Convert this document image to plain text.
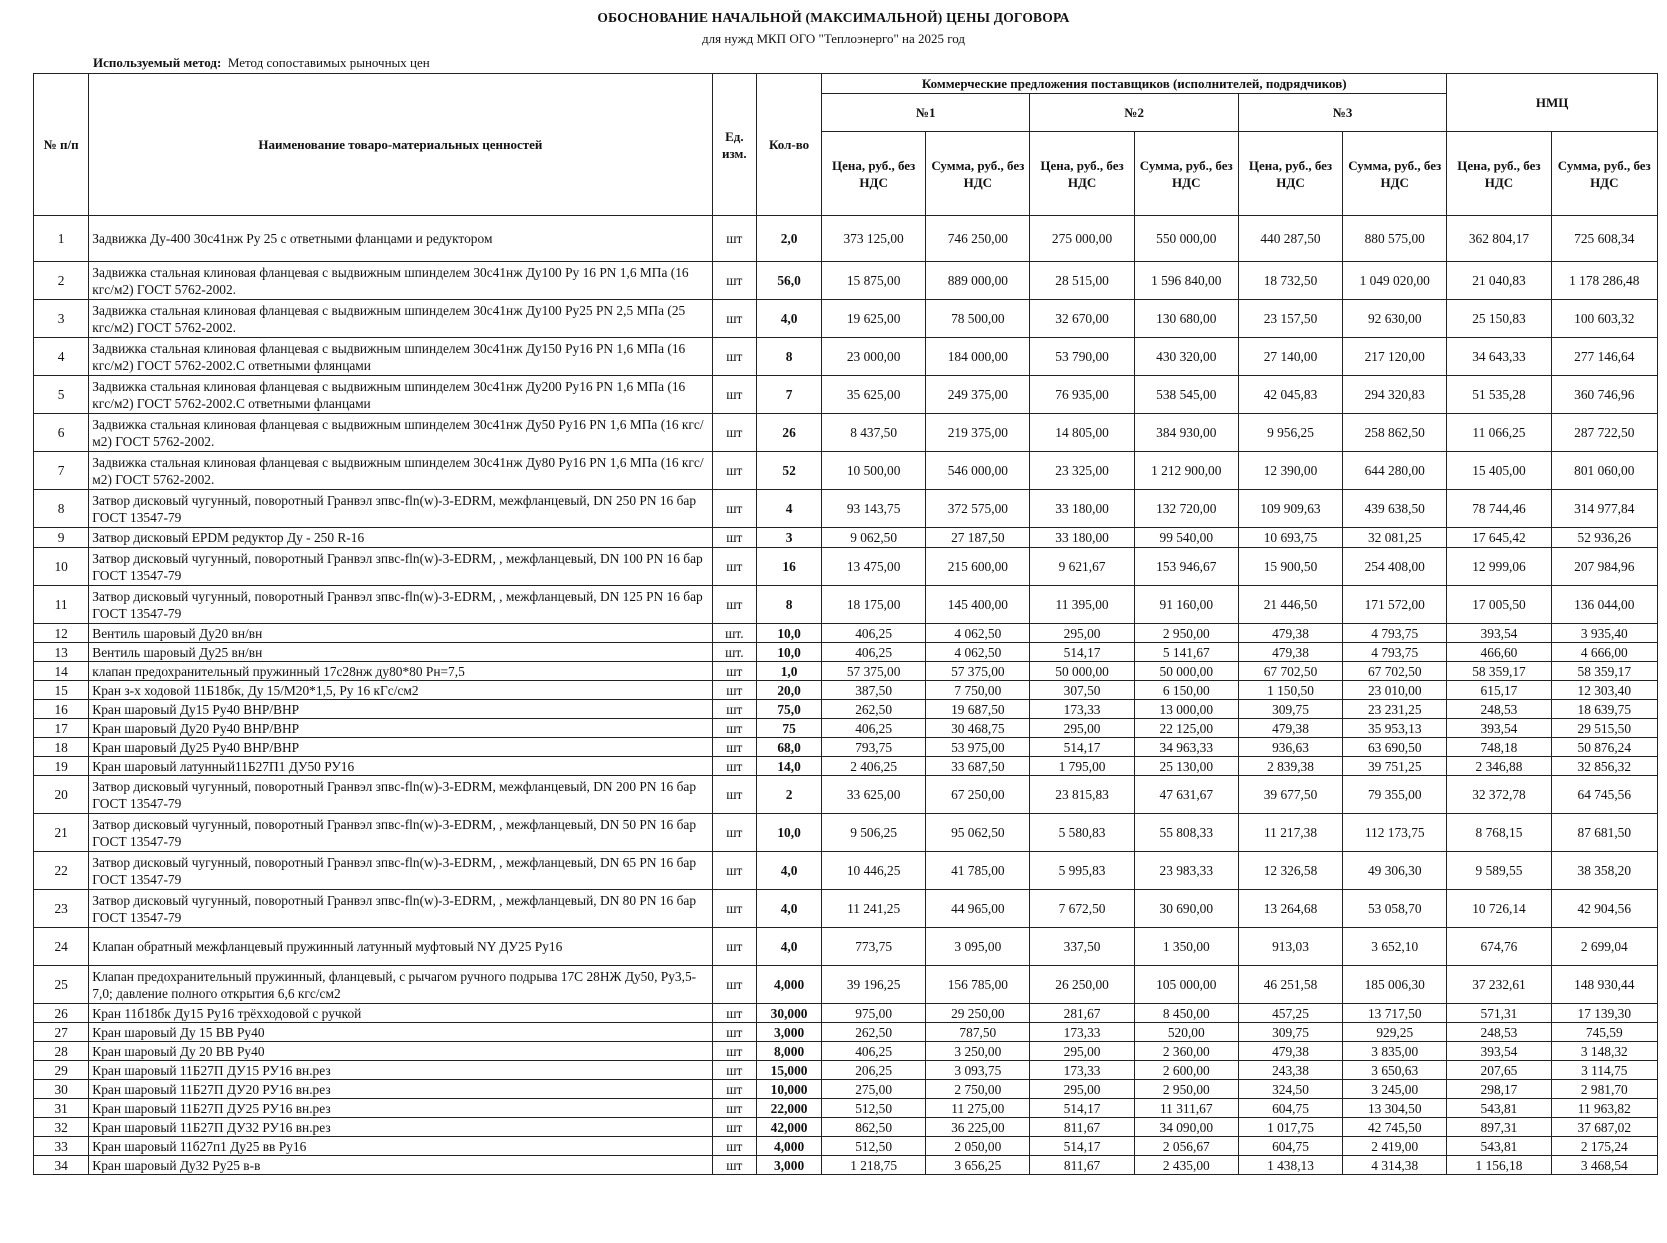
ОБОСНОВАНИЕ НАЧАЛЬНОЙ (МАКСИМАЛЬНОЙ) ЦЕНЫ ДОГОВОРА
для нужд МКП ОГО "Теплоэнерго" на 2025 год
Используемый метод: Метод сопоставимых рыночных цен
№ п/п	Наименование товаро-материальных ценностей	Ед. изм.	Кол-во	Коммерческие предложения поставщиков (исполнителей, подрядчиков)						НМЦ	
				№1		№2		№3			
				Цена, руб., без НДС	Сумма, руб., без НДС	Цена, руб., без НДС	Сумма, руб., без НДС	Цена, руб., без НДС	Сумма, руб., без НДС	Цена, руб., без НДС	Сумма, руб., без НДС
1	Задвижка Ду-400 30с41нж Ру 25 с ответными фланцами и редуктором	шт	2,0	373 125,00	746 250,00	275 000,00	550 000,00	440 287,50	880 575,00	362 804,17	725 608,34
2	Задвижка стальная клиновая фланцевая с выдвижным шпинделем 30с41нж Ду100 Ру 16 PN 1,6 МПа (16 кгс/м2) ГОСТ 5762-2002.	шт	56,0	15 875,00	889 000,00	28 515,00	1 596 840,00	18 732,50	1 049 020,00	21 040,83	1 178 286,48
3	Задвижка стальная клиновая фланцевая с выдвижным шпинделем 30с41нж Ду100 Ру25 PN 2,5 МПа (25 кгс/м2) ГОСТ 5762-2002.	шт	4,0	19 625,00	78 500,00	32 670,00	130 680,00	23 157,50	92 630,00	25 150,83	100 603,32
4	Задвижка стальная клиновая фланцевая с выдвижным шпинделем 30с41нж Ду150 Ру16 PN 1,6 МПа (16 кгс/м2) ГОСТ 5762-2002.С ответными флянцами	шт	8	23 000,00	184 000,00	53 790,00	430 320,00	27 140,00	217 120,00	34 643,33	277 146,64
5	Задвижка стальная клиновая фланцевая с выдвижным шпинделем 30с41нж Ду200 Ру16 PN 1,6 МПа (16 кгс/м2) ГОСТ 5762-2002.С ответными фланцами	шт	7	35 625,00	249 375,00	76 935,00	538 545,00	42 045,83	294 320,83	51 535,28	360 746,96
6	Задвижка стальная клиновая фланцевая с выдвижным шпинделем 30с41нж Ду50 Ру16 PN 1,6 МПа (16 кгс/м2) ГОСТ 5762-2002.	шт	26	8 437,50	219 375,00	14 805,00	384 930,00	9 956,25	258 862,50	11 066,25	287 722,50
7	Задвижка стальная клиновая фланцевая с выдвижным шпинделем 30с41нж Ду80 Ру16 PN 1,6 МПа (16 кгс/м2) ГОСТ 5762-2002.	шт	52	10 500,00	546 000,00	23 325,00	1 212 900,00	12 390,00	644 280,00	15 405,00	801 060,00
8	Затвор дисковый чугунный, поворотный Гранвэл зпвс-fln(w)-3-EDRM, межфланцевый, DN 250 PN 16 бар ГОСТ 13547-79	шт	4	93 143,75	372 575,00	33 180,00	132 720,00	109 909,63	439 638,50	78 744,46	314 977,84
9	Затвор дисковый EPDM редуктор Ду - 250 R-16	шт	3	9 062,50	27 187,50	33 180,00	99 540,00	10 693,75	32 081,25	17 645,42	52 936,26
10	Затвор дисковый чугунный, поворотный Гранвэл зпвс-fln(w)-3-EDRM, , межфланцевый, DN 100 PN 16 бар ГОСТ 13547-79	шт	16	13 475,00	215 600,00	9 621,67	153 946,67	15 900,50	254 408,00	12 999,06	207 984,96
11	Затвор дисковый чугунный, поворотный Гранвэл зпвс-fln(w)-3-EDRM, , межфланцевый, DN 125 PN 16 бар ГОСТ 13547-79	шт	8	18 175,00	145 400,00	11 395,00	91 160,00	21 446,50	171 572,00	17 005,50	136 044,00
12	Вентиль шаровый Ду20 вн/вн	шт.	10,0	406,25	4 062,50	295,00	2 950,00	479,38	4 793,75	393,54	3 935,40
13	Вентиль шаровый Ду25 вн/вн	шт.	10,0	406,25	4 062,50	514,17	5 141,67	479,38	4 793,75	466,60	4 666,00
14	клапан предохранительный пружинный 17с28нж ду80*80 Рн=7,5	шт	1,0	57 375,00	57 375,00	50 000,00	50 000,00	67 702,50	67 702,50	58 359,17	58 359,17
15	Кран з-х ходовой 11Б18бк, Ду 15/М20*1,5, Ру 16 кГс/см2	шт	20,0	387,50	7 750,00	307,50	6 150,00	1 150,50	23 010,00	615,17	12 303,40
16	Кран шаровый Ду15 Ру40 ВНР/ВНР	шт	75,0	262,50	19 687,50	173,33	13 000,00	309,75	23 231,25	248,53	18 639,75
17	Кран шаровый Ду20 Ру40 ВНР/ВНР	шт	75	406,25	30 468,75	295,00	22 125,00	479,38	35 953,13	393,54	29 515,50
18	Кран шаровый Ду25 Ру40 ВНР/ВНР	шт	68,0	793,75	53 975,00	514,17	34 963,33	936,63	63 690,50	748,18	50 876,24
19	Кран шаровый латунный11Б27П1 ДУ50 РУ16	шт	14,0	2 406,25	33 687,50	1 795,00	25 130,00	2 839,38	39 751,25	2 346,88	32 856,32
20	Затвор дисковый чугунный, поворотный Гранвэл зпвс-fln(w)-3-EDRM, межфланцевый, DN 200 PN 16 бар ГОСТ 13547-79	шт	2	33 625,00	67 250,00	23 815,83	47 631,67	39 677,50	79 355,00	32 372,78	64 745,56
21	Затвор дисковый чугунный, поворотный Гранвэл зпвс-fln(w)-3-EDRM, , межфланцевый, DN 50 PN 16 бар ГОСТ 13547-79	шт	10,0	9 506,25	95 062,50	5 580,83	55 808,33	11 217,38	112 173,75	8 768,15	87 681,50
22	Затвор дисковый чугунный, поворотный Гранвэл зпвс-fln(w)-3-EDRM, , межфланцевый, DN 65 PN 16 бар ГОСТ 13547-79	шт	4,0	10 446,25	41 785,00	5 995,83	23 983,33	12 326,58	49 306,30	9 589,55	38 358,20
23	Затвор дисковый чугунный, поворотный Гранвэл зпвс-fln(w)-3-EDRM, , межфланцевый, DN 80 PN 16 бар ГОСТ 13547-79	шт	4,0	11 241,25	44 965,00	7 672,50	30 690,00	13 264,68	53 058,70	10 726,14	42 904,56
24	Клапан обратный межфланцевый пружинный латунный муфтовый NY ДУ25 Ру16	шт	4,0	773,75	3 095,00	337,50	1 350,00	913,03	3 652,10	674,76	2 699,04
25	Клапан предохранительный пружинный, фланцевый, с рычагом ручного подрыва 17С 28НЖ Ду50, Ру3,5-7,0; давление полного открытия 6,6 кгс/см2	шт	4,000	39 196,25	156 785,00	26 250,00	105 000,00	46 251,58	185 006,30	37 232,61	148 930,44
26	Кран 11б18бк Ду15 Ру16 трёхходовой с ручкой	шт	30,000	975,00	29 250,00	281,67	8 450,00	457,25	13 717,50	571,31	17 139,30
27	Кран шаровый Ду 15 ВВ Ру40	шт	3,000	262,50	787,50	173,33	520,00	309,75	929,25	248,53	745,59
28	Кран шаровый Ду 20 ВВ Ру40	шт	8,000	406,25	3 250,00	295,00	2 360,00	479,38	3 835,00	393,54	3 148,32
29	Кран шаровый 11Б27П ДУ15 РУ16 вн.рез	шт	15,000	206,25	3 093,75	173,33	2 600,00	243,38	3 650,63	207,65	3 114,75
30	Кран шаровый 11Б27П ДУ20 РУ16 вн.рез	шт	10,000	275,00	2 750,00	295,00	2 950,00	324,50	3 245,00	298,17	2 981,70
31	Кран шаровый 11Б27П ДУ25 РУ16 вн.рез	шт	22,000	512,50	11 275,00	514,17	11 311,67	604,75	13 304,50	543,81	11 963,82
32	Кран шаровый 11Б27П ДУ32 РУ16 вн.рез	шт	42,000	862,50	36 225,00	811,67	34 090,00	1 017,75	42 745,50	897,31	37 687,02
33	Кран шаровый 11б27п1 Ду25 вв Ру16	шт	4,000	512,50	2 050,00	514,17	2 056,67	604,75	2 419,00	543,81	2 175,24
34	Кран шаровый Ду32 Ру25 в-в	шт	3,000	1 218,75	3 656,25	811,67	2 435,00	1 438,13	4 314,38	1 156,18	3 468,54
